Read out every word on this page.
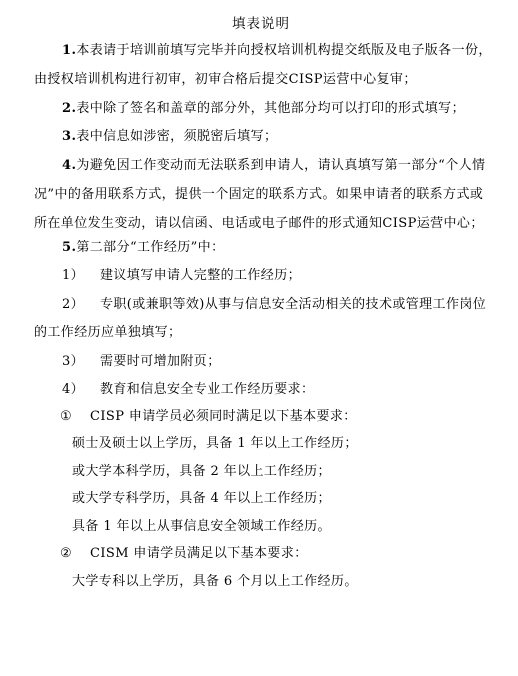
填表说明
1.本表请于培训前填写完毕并向授权培训机构提交纸版及电子版各一份，
由授权培训机构进行初审，初审合格后提交CISP运营中心复审；
2.表中除了签名和盖章的部分外，其他部分均可以打印的形式填写；
3.表中信息如涉密，须脱密后填写；
4.为避免因工作变动而无法联系到申请人，请认真填写第一部分“个人情
况”中的备用联系方式，提供一个固定的联系方式。如果申请者的联系方式或
所在单位发生变动，请以信函、电话或电子邮件的形式通知CISP运营中心；
5.第二部分“工作经历”中：
1） 建议填写申请人完整的工作经历；
2） 专职(或兼职等效)从事与信息安全活动相关的技术或管理工作岗位
的工作经历应单独填写；
3） 需要时可增加附页；
4） 教育和信息安全专业工作经历要求：
① CISP 申请学员必须同时满足以下基本要求：
硕士及硕士以上学历，具备 1 年以上工作经历；
或大学本科学历，具备 2 年以上工作经历；
或大学专科学历，具备 4 年以上工作经历；
具备 1 年以上从事信息安全领域工作经历。
② CISM 申请学员满足以下基本要求：
大学专科以上学历，具备 6 个月以上工作经历。
